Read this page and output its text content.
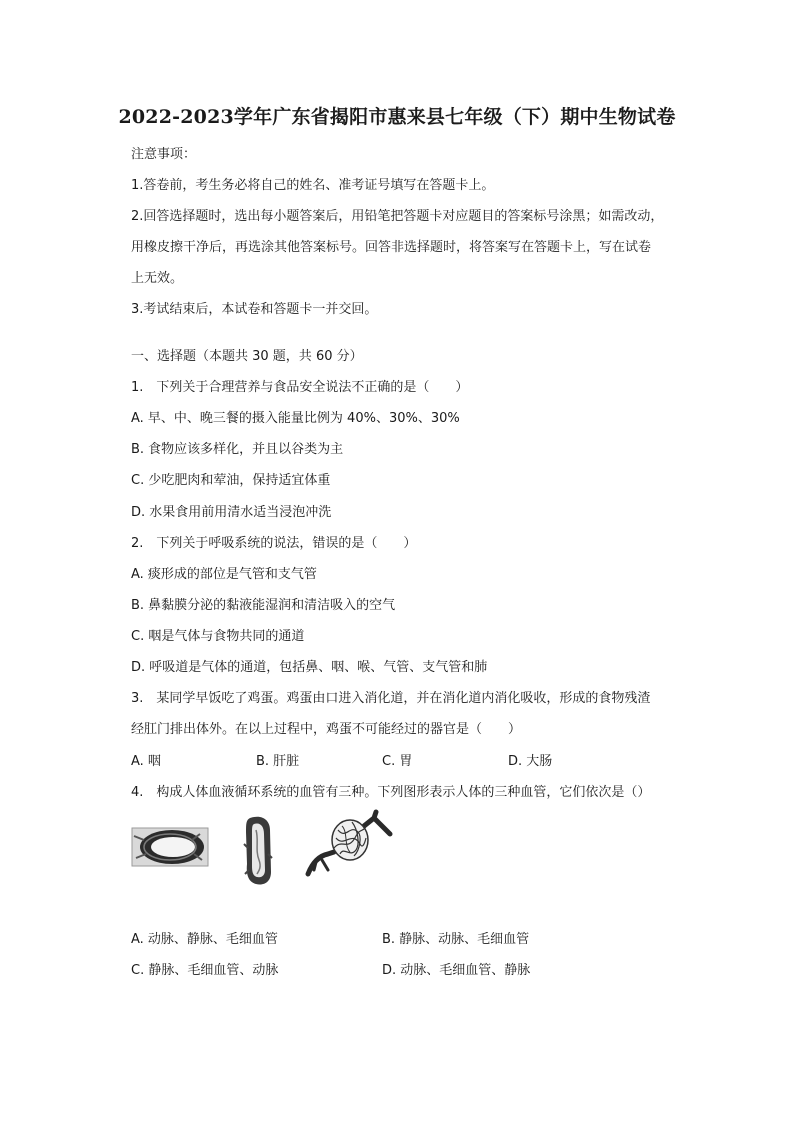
2022-2023学年广东省揭阳市惠来县七年级（下）期中生物试卷
注意事项：
1.答卷前，考生务必将自己的姓名、准考证号填写在答题卡上。
2.回答选择题时，选出每小题答案后，用铅笔把答题卡对应题目的答案标号涂黑；如需改动，
用橡皮擦干净后，再选涂其他答案标号。回答非选择题时，将答案写在答题卡上，写在试卷
上无效。
3.考试结束后，本试卷和答题卡一并交回。
一、选择题（本题共 30 题，共 60 分）
1.　下列关于合理营养与食品安全说法不正确的是（　　）
A. 早、中、晚三餐的摄入能量比例为 40%、30%、30%
B. 食物应该多样化，并且以谷类为主
C. 少吃肥肉和荤油，保持适宜体重
D. 水果食用前用清水适当浸泡冲洗
2.　下列关于呼吸系统的说法，错误的是（　　）
A. 痰形成的部位是气管和支气管
B. 鼻黏膜分泌的黏液能湿润和清洁吸入的空气
C. 咽是气体与食物共同的通道
D. 呼吸道是气体的通道，包括鼻、咽、喉、气管、支气管和肺
3.　某同学早饭吃了鸡蛋。鸡蛋由口进入消化道，并在消化道内消化吸收，形成的食物残渣
经肛门排出体外。在以上过程中，鸡蛋不可能经过的器官是（　　）
A. 咽	B. 肝脏	C. 胃	D. 大肠
4.　构成人体血液循环系统的血管有三种。下列图形表示人体的三种血管，它们依次是（）
A. 动脉、静脉、毛细血管	B. 静脉、动脉、毛细血管
C. 静脉、毛细血管、动脉	D. 动脉、毛细血管、静脉
